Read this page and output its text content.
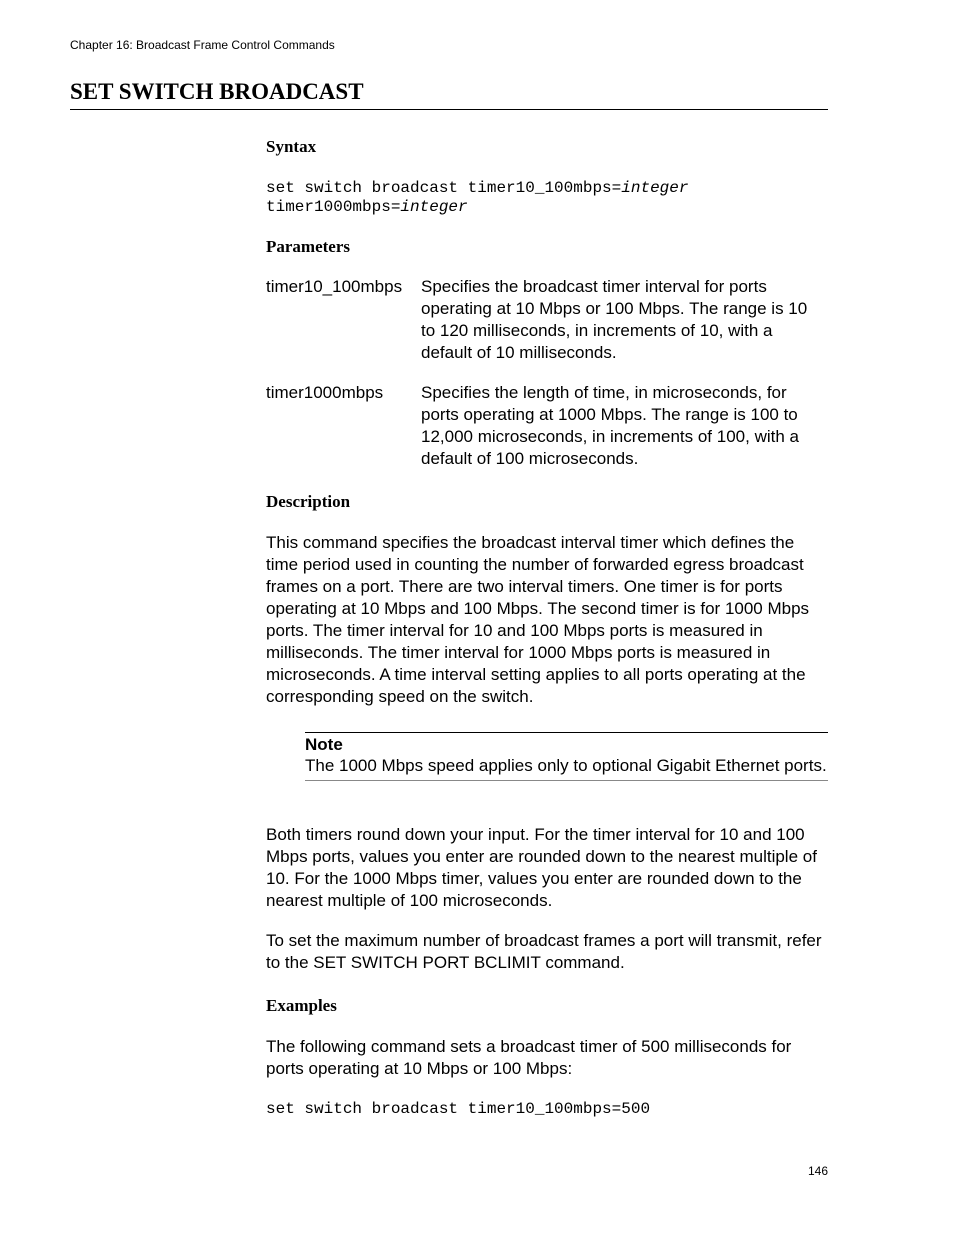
Chapter 16: Broadcast Frame Control Commands
SET SWITCH BROADCAST
Syntax
set switch broadcast timer10_100mbps=integer
timer1000mbps=integer
Parameters
timer10_100mbps Specifies the broadcast timer interval for ports operating at 10 Mbps or 100 Mbps. The range is 10 to 120 milliseconds, in increments of 10, with a default of 10 milliseconds.
timer1000mbps Specifies the length of time, in microseconds, for ports operating at 1000 Mbps. The range is 100 to 12,000 microseconds, in increments of 100, with a default of 100 microseconds.
Description
This command specifies the broadcast interval timer which defines the time period used in counting the number of forwarded egress broadcast frames on a port. There are two interval timers. One timer is for ports operating at 10 Mbps and 100 Mbps. The second timer is for 1000 Mbps ports. The timer interval for 10 and 100 Mbps ports is measured in milliseconds. The timer interval for 1000 Mbps ports is measured in microseconds. A time interval setting applies to all ports operating at the corresponding speed on the switch.
Note
The 1000 Mbps speed applies only to optional Gigabit Ethernet ports.
Both timers round down your input. For the timer interval for 10 and 100 Mbps ports, values you enter are rounded down to the nearest multiple of 10. For the 1000 Mbps timer, values you enter are rounded down to the nearest multiple of 100 microseconds.
To set the maximum number of broadcast frames a port will transmit, refer to the SET SWITCH PORT BCLIMIT command.
Examples
The following command sets a broadcast timer of 500 milliseconds for ports operating at 10 Mbps or 100 Mbps:
set switch broadcast timer10_100mbps=500
146
